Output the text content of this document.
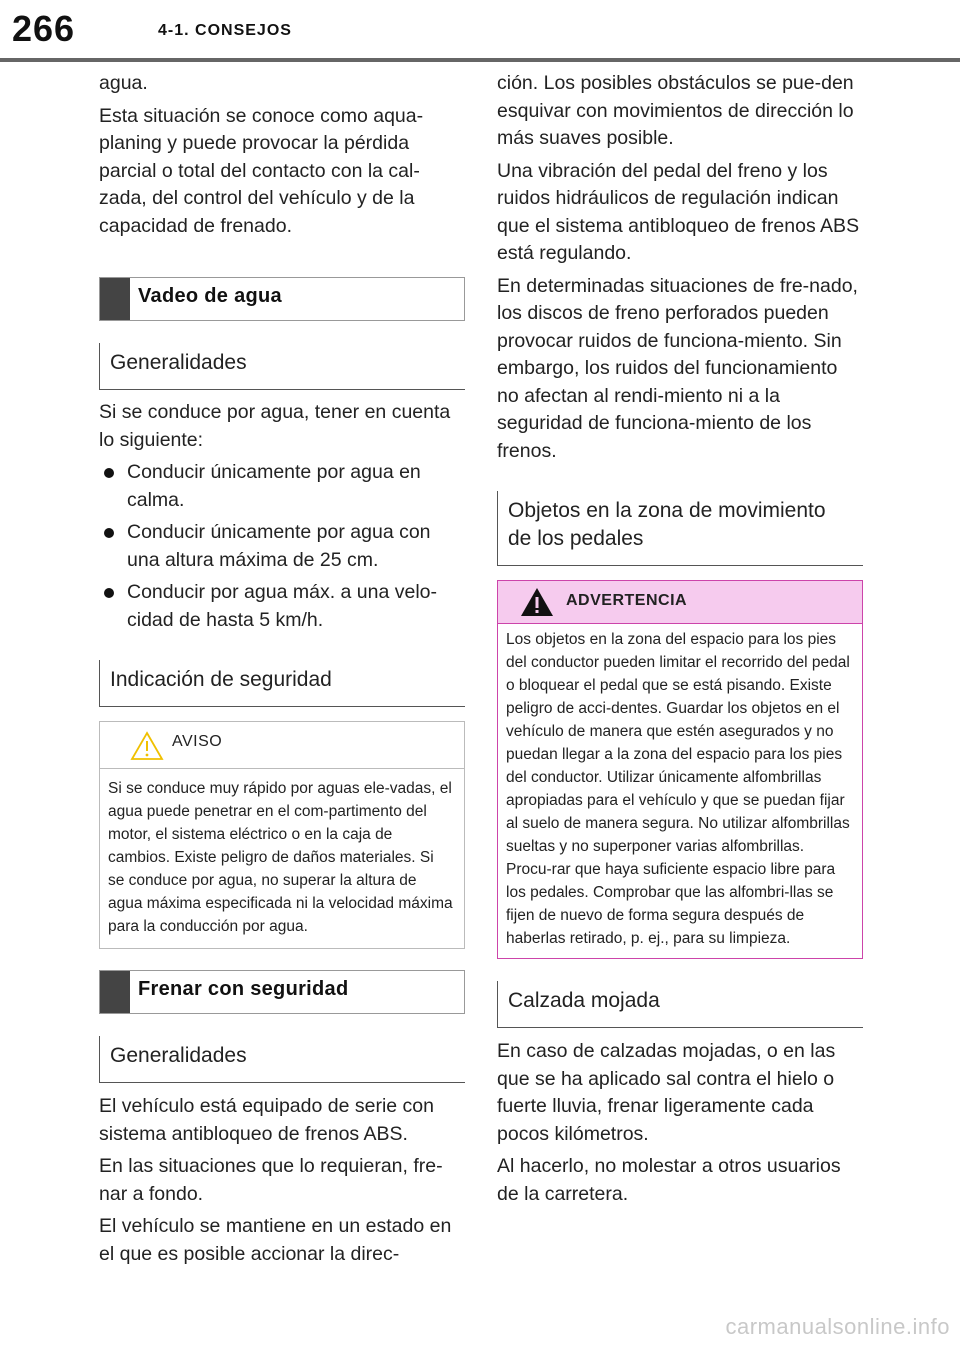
266	4-1. CONSEJOS

agua.

Esta situación se conoce como aqua-planing y puede provocar la pérdida parcial o total del contacto con la cal-zada, del control del vehículo y de la capacidad de frenado.

Vadeo de agua
Generalidades

Si se conduce por agua, tener en cuenta lo siguiente:

Conducir únicamente por agua en calma.
Conducir únicamente por agua con una altura máxima de 25 cm.
Conducir por agua máx. a una velo-cidad de hasta 5 km/h.
Indicación de seguridad
AVISO
Si se conduce muy rápido por aguas ele-vadas, el agua puede penetrar en el com-partimento del motor, el sistema eléctrico o en la caja de cambios. Existe peligro de daños materiales. Si se conduce por agua, no superar la altura de agua máxima especificada ni la velocidad máxima para la conducción por agua.
Frenar con seguridad
Generalidades

El vehículo está equipado de serie con sistema antibloqueo de frenos ABS.

En las situaciones que lo requieran, fre-nar a fondo.

El vehículo se mantiene en un estado en el que es posible accionar la direc-

ción. Los posibles obstáculos se pue-den esquivar con movimientos de dirección lo más suaves posible.

Una vibración del pedal del freno y los ruidos hidráulicos de regulación indican que el sistema antibloqueo de frenos ABS está regulando.

En determinadas situaciones de fre-nado, los discos de freno perforados pueden provocar ruidos de funciona-miento. Sin embargo, los ruidos del funcionamiento no afectan al rendi-miento ni a la seguridad de funciona-miento de los frenos.

Objetos en la zona de movimiento de los pedales
ADVERTENCIA
Los objetos en la zona del espacio para los pies del conductor pueden limitar el recorrido del pedal o bloquear el pedal que se está pisando. Existe peligro de acci-dentes. Guardar los objetos en el vehículo de manera que estén asegurados y no puedan llegar a la zona del espacio para los pies del conductor. Utilizar únicamente alfombrillas apropiadas para el vehículo y que se puedan fijar al suelo de manera segura. No utilizar alfombrillas sueltas y no superponer varias alfombrillas. Procu-rar que haya suficiente espacio libre para los pedales. Comprobar que las alfombri-llas se fijen de nuevo de forma segura después de haberlas retirado, p. ej., para su limpieza.
Calzada mojada

En caso de calzadas mojadas, o en las que se ha aplicado sal contra el hielo o fuerte lluvia, frenar ligeramente cada pocos kilómetros.

Al hacerlo, no molestar a otros usuarios de la carretera.

carmanualsonline.info
